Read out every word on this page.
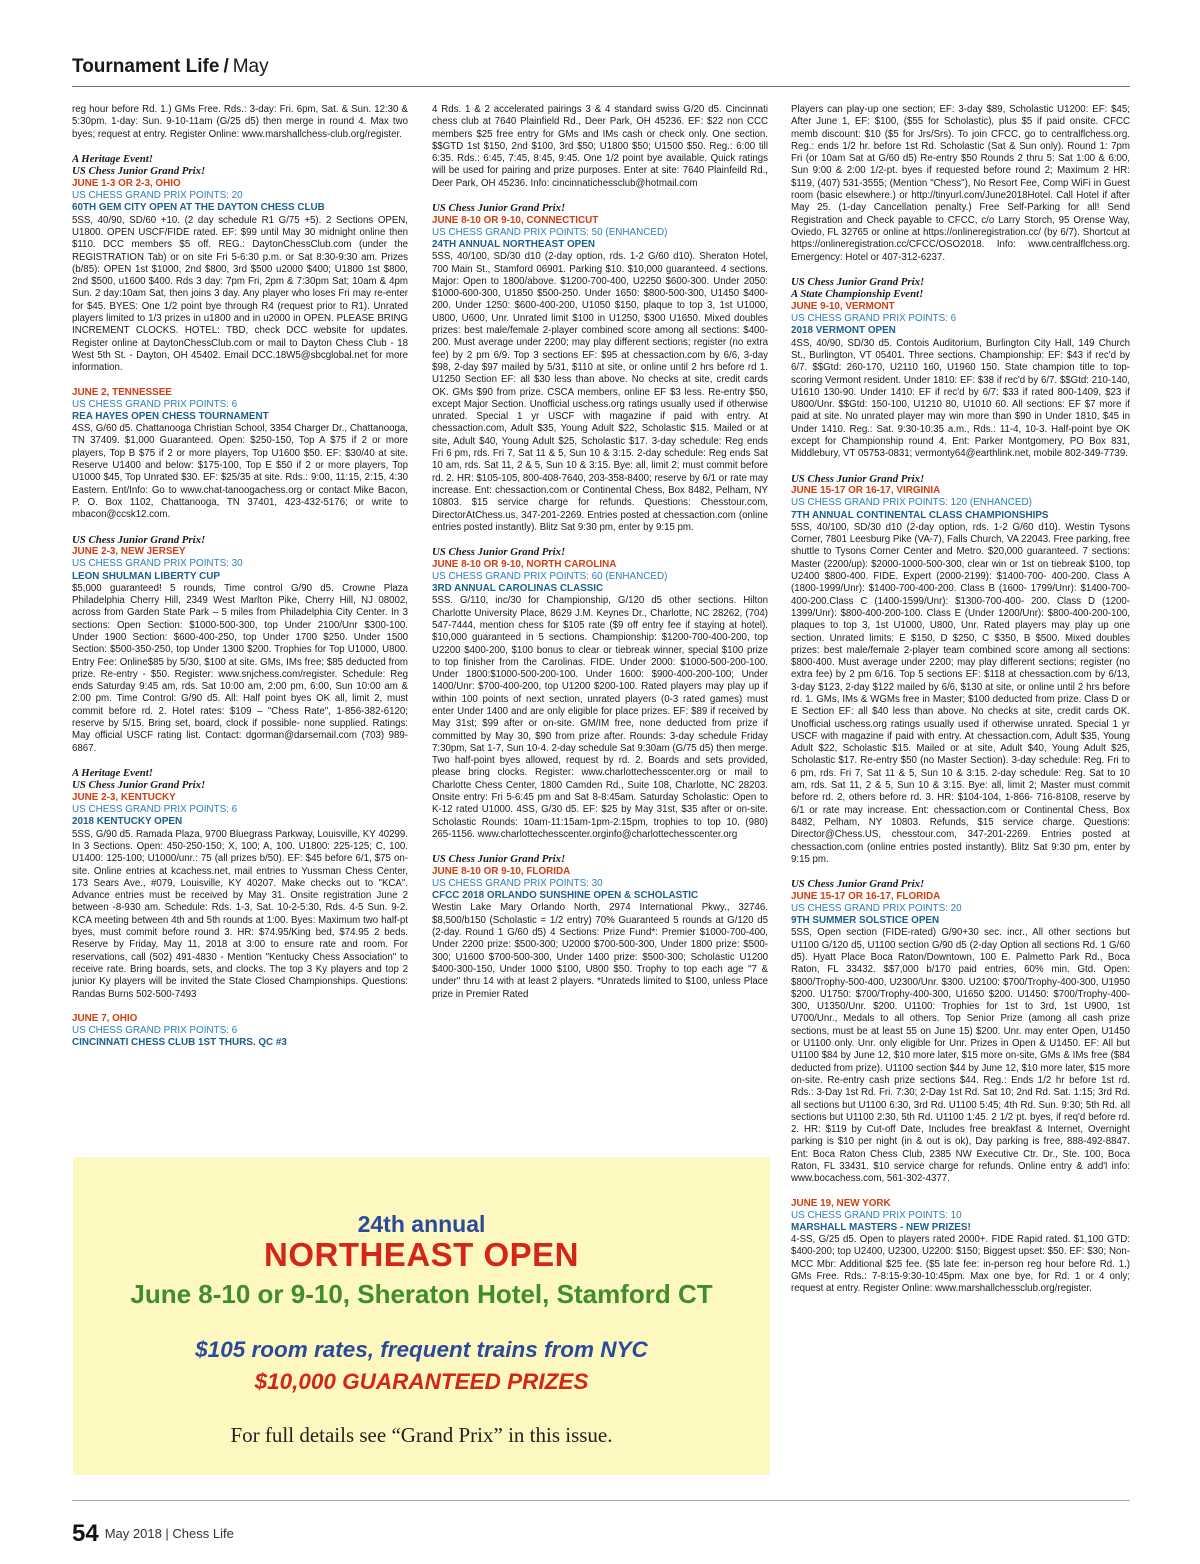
Tournament Life / May

reg hour before Rd. 1.) GMs Free. Rds.: 3-day: Fri. 6pm, Sat. & Sun. 12:30 & 5:30pm. 1-day: Sun. 9-10-11am (G/25 d5) then merge in round 4. Max two byes; request at entry. Register Online: www.marshallchess-club.org/register.

A Heritage Event!

US Chess Junior Grand Prix!

JUNE 1-3 OR 2-3, OHIO

US CHESS GRAND PRIX POINTS: 20

60TH GEM CITY OPEN AT THE DAYTON CHESS CLUB

5SS, 40/90, SD/60 +10. (2 day schedule R1 G/75 +5). 2 Sections OPEN, U1800. OPEN USCF/FIDE rated. EF: $99 until May 30 midnight online then $110. DCC members $5 off. REG.: DaytonChessClub.com (under the REGISTRATION Tab) or on site Fri 5-6:30 p.m. or Sat 8:30-9:30 am. Prizes (b/85): OPEN 1st $1000, 2nd $800, 3rd $500 u2000 $400; U1800 1st $800, 2nd $500, u1600 $400. Rds 3 day: 7pm Fri, 2pm & 7:30pm Sat; 10am & 4pm Sun. 2 day:10am Sat, then joins 3 day. Any player who loses Fri may re-enter for $45. BYES: One 1/2 point bye through R4 (request prior to R1). Unrated players limited to 1/3 prizes in u1800 and in u2000 in OPEN. PLEASE BRING INCREMENT CLOCKS. HOTEL: TBD, check DCC website for updates. Register online at DaytonChessClub.com or mail to Dayton Chess Club - 18 West 5th St. - Dayton, OH 45402. Email DCC.18W5@sbcglobal.net for more information.

JUNE 2, TENNESSEE

US CHESS GRAND PRIX POINTS: 6

REA HAYES OPEN CHESS TOURNAMENT

4SS, G/60 d5. Chattanooga Christian School, 3354 Charger Dr., Chattanooga, TN 37409. $1,000 Guaranteed. Open: $250-150, Top A $75 if 2 or more players, Top B $75 if 2 or more players, Top U1600 $50. EF: $30/40 at site. Reserve U1400 and below: $175-100, Top E $50 if 2 or more players, Top U1000 $45, Top Unrated $30. EF: $25/35 at site. Rds.: 9:00, 11:15, 2:15, 4:30 Eastern. Ent/Info: Go to www.chat-tanoogachess.org or contact Mike Bacon, P. O. Box 1102, Chattanooga, TN 37401, 423-432-5176; or write to mbacon@ccsk12.com.

US Chess Junior Grand Prix!

JUNE 2-3, NEW JERSEY

US CHESS GRAND PRIX POINTS: 30

LEON SHULMAN LIBERTY CUP

$5,000 guaranteed! 5 rounds, Time control G/90 d5. Crowne Plaza Philadelphia Cherry Hill, 2349 West Marlton Pike, Cherry Hill, NJ 08002, across from Garden State Park – 5 miles from Philadelphia City Center. In 3 sections: Open Section: $1000-500-300, top Under 2100/Unr $300-100. Under 1900 Section: $600-400-250, top Under 1700 $250. Under 1500 Section: $500-350-250, top Under 1300 $200. Trophies for Top U1000, U800. Entry Fee: Online$85 by 5/30, $100 at site. GMs, IMs free; $85 deducted from prize. Re-entry - $50. Register: www.snjchess.com/register. Schedule: Reg ends Saturday 9:45 am, rds. Sat 10:00 am, 2:00 pm, 6:00, Sun 10:00 am & 2:00 pm. Time Control: G/90 d5. All: Half point byes OK all, limit 2, must commit before rd. 2. Hotel rates: $109 – "Chess Rate", 1-856-382-6120; reserve by 5/15. Bring set, board, clock if possible- none supplied. Ratings: May official USCF rating list. Contact: dgorman@darsemail.com (703) 989-6867.

A Heritage Event!

US Chess Junior Grand Prix!

JUNE 2-3, KENTUCKY

US CHESS GRAND PRIX POINTS: 6

2018 KENTUCKY OPEN

5SS, G/90 d5. Ramada Plaza, 9700 Bluegrass Parkway, Louisville, KY 40299. In 3 Sections. Open: 450-250-150; X, 100; A, 100. U1800: 225-125; C, 100. U1400: 125-100; U1000/unr.: 75 (all prizes b/50). EF: $45 before 6/1, $75 on-site. Online entries at kcachess.net, mail entries to Yussman Chess Center, 173 Sears Ave., #079, Louisville, KY 40207. Make checks out to "KCA". Advance entries must be received by May 31. Onsite registration June 2 between -8-930 am. Schedule: Rds. 1-3, Sat. 10-2-5:30, Rds. 4-5 Sun. 9-2. KCA meeting between 4th and 5th rounds at 1:00. Byes: Maximum two half-pt byes, must commit before round 3. HR: $74.95/King bed, $74.95 2 beds. Reserve by Friday, May 11, 2018 at 3:00 to ensure rate and room. For reservations, call (502) 491-4830 - Mention "Kentucky Chess Association" to receive rate. Bring boards, sets, and clocks. The top 3 Ky players and top 2 junior Ky players will be invited the State Closed Championships. Questions: Randas Burns 502-500-7493

JUNE 7, OHIO

US CHESS GRAND PRIX POINTS: 6

CINCINNATI CHESS CLUB 1ST THURS. QC #3

4 Rds. 1 & 2 accelerated pairings 3 & 4 standard swiss G/20 d5. Cincinnati chess club at 7640 Plainfield Rd., Deer Park, OH 45236. EF: $22 non CCC members $25 free entry for GMs and IMs cash or check only. One section. $$GTD 1st $150, 2nd $100, 3rd $50; U1800 $50; U1500 $50. Reg.: 6:00 till 6:35. Rds.: 6:45, 7:45, 8:45, 9:45. One 1/2 point bye available. Quick ratings will be used for pairing and prize purposes. Enter at site: 7640 Plainfeild Rd., Deer Park, OH 45236. Info: cincinnatichessclub@hotmail.com

US Chess Junior Grand Prix!

JUNE 8-10 OR 9-10, CONNECTICUT

US CHESS GRAND PRIX POINTS: 50 (ENHANCED)

24TH ANNUAL NORTHEAST OPEN

5SS, 40/100, SD/30 d10 (2-day option, rds. 1-2 G/60 d10). Sheraton Hotel, 700 Main St., Stamford 06901. Parking $10. $10,000 guaranteed. 4 sections. Major: Open to 1800/above. $1200-700-400, U2250 $600-300. Under 2050: $1000-600-300, U1850 $500-250. Under 1650: $800-500-300, U1450 $400-200. Under 1250: $600-400-200, U1050 $150, plaque to top 3, 1st U1000, U800, U600, Unr. Unrated limit $100 in U1250, $300 U1650. Mixed doubles prizes: best male/female 2-player combined score among all sections: $400-200. Must average under 2200; may play different sections; register (no extra fee) by 2 pm 6/9. Top 3 sections EF: $95 at chessaction.com by 6/6, 3-day $98, 2-day $97 mailed by 5/31, $110 at site, or online until 2 hrs before rd 1. U1250 Section EF: all $30 less than above. No checks at site, credit cards OK. GMs $90 from prize. CSCA members, online EF $3 less. Re-entry $50, except Major Section. Unofficial uschess.org ratings usually used if otherwise unrated. Special 1 yr USCF with magazine if paid with entry. At chessaction.com, Adult $35, Young Adult $22, Scholastic $15. Mailed or at site, Adult $40, Young Adult $25, Scholastic $17. 3-day schedule: Reg ends Fri 6 pm, rds. Fri 7, Sat 11 & 5, Sun 10 & 3:15. 2-day schedule: Reg ends Sat 10 am, rds. Sat 11, 2 & 5, Sun 10 & 3:15. Bye: all, limit 2; must commit before rd. 2. HR: $105-105, 800-408-7640, 203-358-8400; reserve by 6/1 or rate may increase. Ent: chessaction.com or Continental Chess, Box 8482, Pelham, NY 10803. $15 service charge for refunds. Questions: Chesstour.com, DirectorAtChess.us, 347-201-2269. Entries posted at chessaction.com (online entries posted instantly). Blitz Sat 9:30 pm, enter by 9:15 pm.

US Chess Junior Grand Prix!

JUNE 8-10 OR 9-10, NORTH CAROLINA

US CHESS GRAND PRIX POINTS: 60 (ENHANCED)

3RD ANNUAL CAROLINAS CLASSIC

5SS. G/110, inc/30 for Championship, G/120 d5 other sections. Hilton Charlotte University Place, 8629 J.M. Keynes Dr., Charlotte, NC 28262, (704) 547-7444, mention chess for $105 rate ($9 off entry fee if staying at hotel). $10,000 guaranteed in 5 sections. Championship: $1200-700-400-200, top U2200 $400-200, $100 bonus to clear or tiebreak winner, special $100 prize to top finisher from the Carolinas. FIDE. Under 2000: $1000-500-200-100. Under 1800:$1000-500-200-100. Under 1600: $900-400-200-100; Under 1400/Unr: $700-400-200, top U1200 $200-100. Rated players may play up if within 100 points of next section, unrated players (0-3 rated games) must enter Under 1400 and are only eligible for place prizes. EF: $89 if received by May 31st; $99 after or on-site. GM/IM free, none deducted from prize if committed by May 30, $90 from prize after. Rounds: 3-day schedule Friday 7:30pm, Sat 1-7, Sun 10-4. 2-day schedule Sat 9:30am (G/75 d5) then merge. Two half-point byes allowed, request by rd. 2. Boards and sets provided, please bring clocks. Register: www.charlottechesscenter.org or mail to Charlotte Chess Center, 1800 Camden Rd., Suite 108, Charlotte, NC 28203. Onsite entry: Fri 5-6:45 pm and Sat 8-8:45am. Saturday Scholastic: Open to K-12 rated U1000. 4SS, G/30 d5. EF: $25 by May 31st, $35 after or on-site. Scholastic Rounds: 10am-11:15am-1pm-2:15pm, trophies to top 10. (980) 265-1156. www.charlottechesscenter.orginfo@charlottechesscenter.org

US Chess Junior Grand Prix!

JUNE 8-10 OR 9-10, FLORIDA

US CHESS GRAND PRIX POINTS: 30

CFCC 2018 ORLANDO SUNSHINE OPEN & SCHOLASTIC

Westin Lake Mary Orlando North, 2974 International Pkwy., 32746. $8,500/b150 (Scholastic = 1/2 entry) 70% Guaranteed 5 rounds at G/120 d5 (2-day. Round 1 G/60 d5) 4 Sections: Prize Fund*: Premier $1000-700-400, Under 2200 prize: $500-300; U2000 $700-500-300, Under 1800 prize: $500-300; U1600 $700-500-300, Under 1400 prize: $500-300; Scholastic U1200 $400-300-150, Under 1000 $100, U800 $50. Trophy to top each age "7 & under" thru 14 with at least 2 players. *Unrateds limited to $100, unless Place prize in Premier Rated

Players can play-up one section; EF: 3-day $89, Scholastic U1200: EF: $45; After June 1, EF: $100, ($55 for Scholastic), plus $5 if paid onsite. CFCC memb discount: $10 ($5 for Jrs/Srs). To join CFCC, go to centralflchess.org. Reg.: ends 1/2 hr. before 1st Rd. Scholastic (Sat & Sun only). Round 1: 7pm Fri (or 10am Sat at G/60 d5) Re-entry $50 Rounds 2 thru 5: Sat 1:00 & 6:00, Sun 9:00 & 2:00 1/2-pt. byes if requested before round 2; Maximum 2 HR: $119, (407) 531-3555; (Mention "Chess"), No Resort Fee, Comp WiFi in Guest room (basic elsewhere.) or http://tinyurl.com/June2018Hotel. Call Hotel if after May 25. (1-day Cancellation penalty.) Free Self-Parking for all! Send Registration and Check payable to CFCC, c/o Larry Storch, 95 Orense Way, Oviedo, FL 32765 or online at https://onlineregistration.cc/ (by 6/7). Shortcut at https://onlineregistration.cc/CFCC/OSO2018. Info: www.centralflchess.org. Emergency: Hotel or 407-312-6237.

US Chess Junior Grand Prix!

A State Championship Event!

JUNE 9-10, VERMONT

US CHESS GRAND PRIX POINTS: 6

2018 VERMONT OPEN

4SS, 40/90, SD/30 d5. Contois Auditorium, Burlington City Hall, 149 Church St., Burlington, VT 05401. Three sections. Championship: EF: $43 if rec'd by 6/7. $$Gtd: 260-170, U2110 160, U1960 150. State champion title to top-scoring Vermont resident. Under 1810: EF: $38 if rec'd by 6/7. $$Gtd: 210-140, U1610 130-90. Under 1410: EF if rec'd by 6/7: $33 if rated 800-1409, $23 if U800/Unr. $$Gtd: 150-100, U1210 80, U1010 60. All sections: EF $7 more if paid at site. No unrated player may win more than $90 in Under 1810, $45 in Under 1410. Reg.: Sat. 9:30-10:35 a.m., Rds.: 11-4, 10-3. Half-point bye OK except for Championship round 4. Ent: Parker Montgomery, PO Box 831, Middlebury, VT 05753-0831; vermonty64@earthlink.net, mobile 802-349-7739.

US Chess Junior Grand Prix!

JUNE 15-17 OR 16-17, VIRGINIA

US CHESS GRAND PRIX POINTS: 120 (ENHANCED)

7TH ANNUAL CONTINENTAL CLASS CHAMPIONSHIPS

5SS, 40/100, SD/30 d10 (2-day option, rds. 1-2 G/60 d10). Westin Tysons Corner, 7801 Leesburg Pike (VA-7), Falls Church, VA 22043. Free parking, free shuttle to Tysons Corner Center and Metro. $20,000 guaranteed. 7 sections: Master (2200/up): $2000-1000-500-300, clear win or 1st on tiebreak $100, top U2400 $800-400. FIDE. Expert (2000-2199): $1400-700- 400-200. Class A (1800-1999/Unr): $1400-700-400-200. Class B (1600- 1799/Unr): $1400-700-400-200.Class C (1400-1599/Unr): $1300-700-400- 200. Class D (1200-1399/Unr): $800-400-200-100. Class E (Under 1200/Unr): $800-400-200-100, plaques to top 3, 1st U1000, U800, Unr. Rated players may play up one section. Unrated limits: E $150, D $250, C $350, B $500. Mixed doubles prizes: best male/female 2-player team combined score among all sections: $800-400. Must average under 2200; may play different sections; register (no extra fee) by 2 pm 6/16. Top 5 sections EF: $118 at chessaction.com by 6/13, 3-day $123, 2-day $122 mailed by 6/6, $130 at site, or online until 2 hrs before rd. 1. GMs, IMs & WGMs free in Master; $100 deducted from prize. Class D or E Section EF: all $40 less than above. No checks at site, credit cards OK. Unofficial uschess.org ratings usually used if otherwise unrated. Special 1 yr USCF with magazine if paid with entry. At chessaction.com, Adult $35, Young Adult $22, Scholastic $15. Mailed or at site, Adult $40, Young Adult $25, Scholastic $17. Re-entry $50 (no Master Section). 3-day schedule: Reg. Fri to 6 pm, rds. Fri 7, Sat 11 & 5, Sun 10 & 3:15. 2-day schedule: Reg. Sat to 10 am, rds. Sat 11, 2 & 5, Sun 10 & 3:15. Bye: all, limit 2; Master must commit before rd. 2, others before rd. 3. HR: $104-104, 1-866- 716-8108, reserve by 6/1 or rate may increase. Ent: chessaction.com or Continental Chess, Box 8482, Pelham, NY 10803. Refunds, $15 service charge. Questions: Director@Chess.US, chesstour.com, 347-201-2269. Entries posted at chessaction.com (online entries posted instantly). Blitz Sat 9:30 pm, enter by 9:15 pm.

US Chess Junior Grand Prix!

JUNE 15-17 OR 16-17, FLORIDA

US CHESS GRAND PRIX POINTS: 20

9TH SUMMER SOLSTICE OPEN

5SS, Open section (FIDE-rated) G/90+30 sec. incr., All other sections but U1100 G/120 d5, U1100 section G/90 d5 (2-day Option all sections Rd. 1 G/60 d5). Hyatt Place Boca Raton/Downtown, 100 E. Palmetto Park Rd., Boca Raton, FL 33432. $$7,000 b/170 paid entries, 60% min. Gtd. Open: $800/Trophy-500-400, U2300/Unr. $300. U2100: $700/Trophy-400-300, U1950 $200. U1750: $700/Trophy-400-300, U1650 $200. U1450: $700/Trophy-400-300, U1350/Unr. $200. U1100: Trophies for 1st to 3rd, 1st U900, 1st U700/Unr., Medals to all others. Top Senior Prize (among all cash prize sections, must be at least 55 on June 15) $200. Unr. may enter Open, U1450 or U1100 only. Unr. only eligible for Unr. Prizes in Open & U1450. EF: All but U1100 $84 by June 12, $10 more later, $15 more on-site, GMs & IMs free ($84 deducted from prize). U1100 section $44 by June 12, $10 more later, $15 more on-site. Re-entry cash prize sections $44. Reg.: Ends 1/2 hr before 1st rd. Rds.: 3-Day 1st Rd. Fri. 7:30; 2-Day 1st Rd. Sat 10; 2nd Rd. Sat. 1:15; 3rd Rd. all sections but U1100 6:30, 3rd Rd. U1100 5:45; 4th Rd. Sun. 9:30; 5th Rd. all sections but U1100 2:30, 5th Rd. U1100 1:45. 2 1/2 pt. byes, if req'd before rd. 2. HR: $119 by Cut-off Date, Includes free breakfast & Internet, Overnight parking is $10 per night (in & out is ok), Day parking is free, 888-492-8847. Ent: Boca Raton Chess Club, 2385 NW Executive Ctr. Dr., Ste. 100, Boca Raton, FL 33431. $10 service charge for refunds. Online entry & add'l info: www.bocachess.com, 561-302-4377.

JUNE 19, NEW YORK

US CHESS GRAND PRIX POINTS: 10

MARSHALL MASTERS - NEW PRIZES!

4-SS, G/25 d5. Open to players rated 2000+. FIDE Rapid rated. $1,100 GTD: $400-200; top U2400, U2300, U2200: $150; Biggest upset: $50. EF: $30; Non-MCC Mbr: Additional $25 fee. ($5 late fee: in-person reg hour before Rd. 1.) GMs Free. Rds.: 7-8:15-9:30-10:45pm. Max one bye, for Rd. 1 or 4 only; request at entry. Register Online: www.marshallchessclub.org/register.

24th annual
NORTHEAST OPEN
June 8-10 or 9-10, Sheraton Hotel, Stamford CT
$105 room rates, frequent trains from NYC
$10,000 GUARANTEED PRIZES
For full details see “Grand Prix” in this issue.
54 May 2018 | Chess Life
